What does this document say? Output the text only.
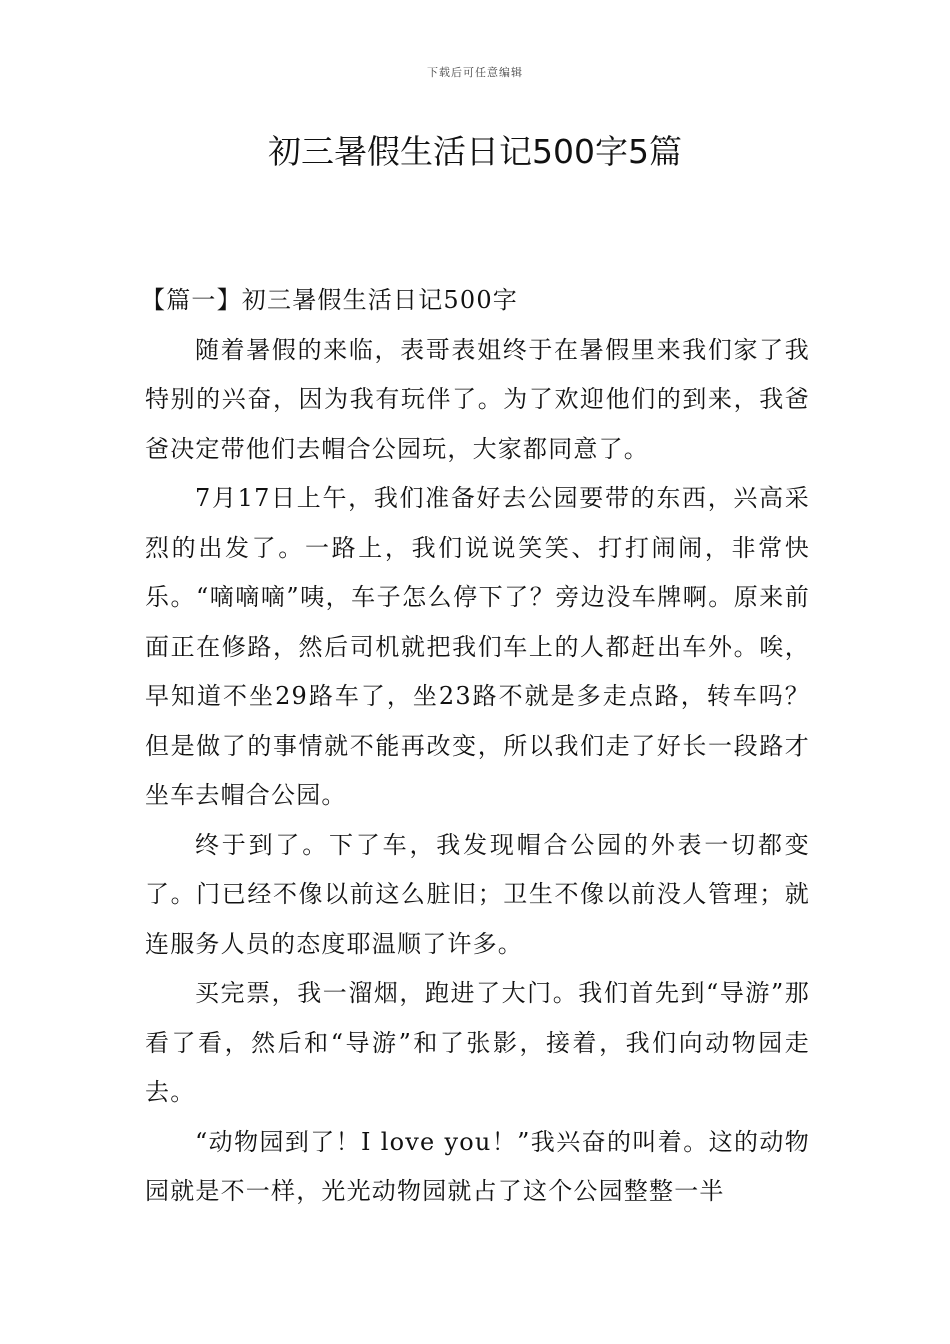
下载后可任意编辑
初三暑假生活日记500字5篇

【篇一】初三暑假生活日记500字

随着暑假的来临，表哥表姐终于在暑假里来我们家了我特别的兴奋，因为我有玩伴了。为了欢迎他们的到来，我爸爸决定带他们去帽合公园玩，大家都同意了。

7月17日上午，我们准备好去公园要带的东西，兴高采烈的出发了。一路上，我们说说笑笑、打打闹闹，非常快乐。“嘀嘀嘀”咦，车子怎么停下了？旁边没车牌啊。原来前面正在修路，然后司机就把我们车上的人都赶出车外。唉，早知道不坐29路车了，坐23路不就是多走点路，转车吗？但是做了的事情就不能再改变，所以我们走了好长一段路才坐车去帽合公园。

终于到了。下了车，我发现帽合公园的外表一切都变了。门已经不像以前这么脏旧；卫生不像以前没人管理；就连服务人员的态度耶温顺了许多。

买完票，我一溜烟，跑进了大门。我们首先到“导游”那看了看，然后和“导游”和了张影，接着，我们向动物园走去。

“动物园到了！I love you！”我兴奋的叫着。这的动物园就是不一样，光光动物园就占了这个公园整整一半
